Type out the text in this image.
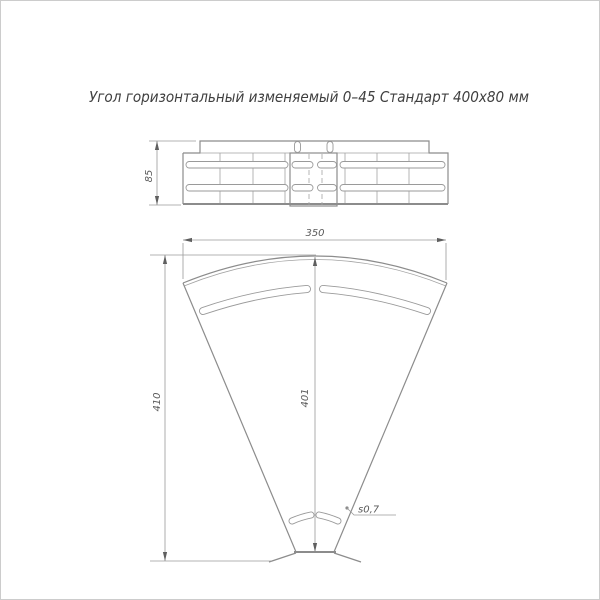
Угол горизонтальный изменяемый 0–45 Стандарт 400x80 мм
85
350
410	401
s0,7
